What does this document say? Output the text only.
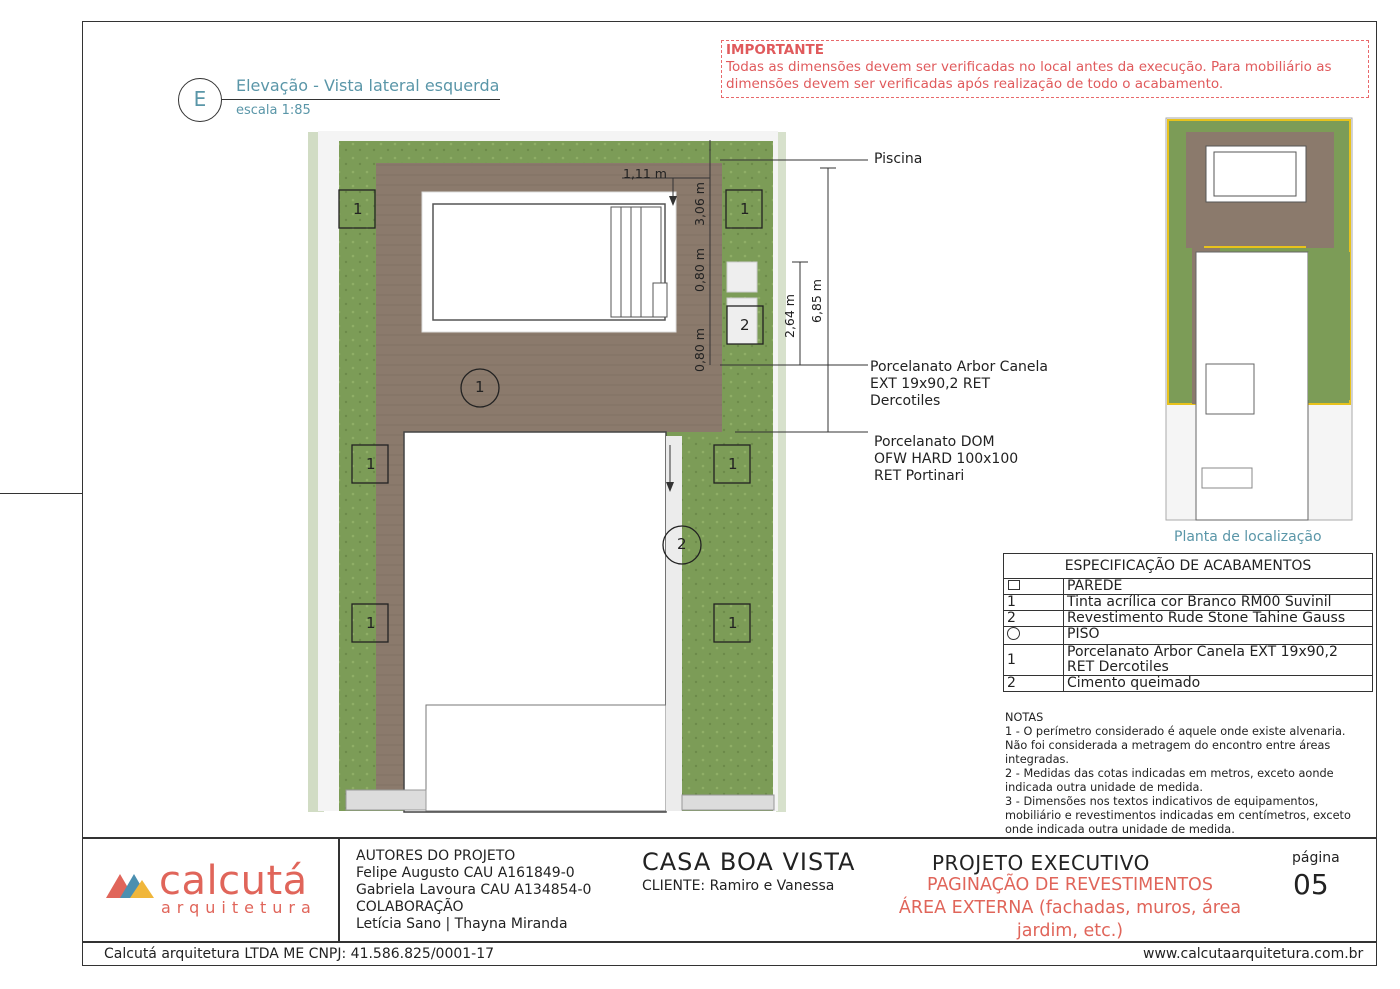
IMPORTANTE
Todas as dimensões devem ser verificadas no local antes da execução. Para mobiliário as
dimensões devem ser verificadas após realização de todo o acabamento.
E
Elevação - Vista lateral esquerda
escala 1:85
1	1
1	1
1	1
2
1
2
1,11 m
3,06 m
0,80 m
0,80 m
2,64 m 6,85 m
Piscina
Porcelanato Arbor Canela
EXT 19x90,2 RET
Dercotiles
Porcelanato DOM
OFW HARD 100x100
RET Portinari
Planta de localização
ESPECIFICAÇÃO DE ACABAMENTOS	
	PAREDE
1	Tinta acrílica cor Branco RM00 Suvinil
2	Revestimento Rude Stone Tahine Gauss
	PISO
1	Porcelanato Arbor Canela EXT 19x90,2 RET Dercotiles
2	Cimento queimado
NOTAS
1 - O perímetro considerado é aquele onde existe alvenaria.
Não foi considerada a metragem do encontro entre áreas
integradas.
2 - Medidas das cotas indicadas em metros, exceto aonde
indicada outra unidade de medida.
3 - Dimensões nos textos indicativos de equipamentos,
mobiliário e revestimentos indicadas em centímetros, exceto
onde indicada outra unidade de medida.
calcutá
arquitetura
AUTORES DO PROJETO
Felipe Augusto CAU A161849-0
Gabriela Lavoura CAU A134854-0
COLABORAÇÃO
Letícia Sano | Thayna Miranda
CASA BOA VISTA
CLIENTE: Ramiro e Vanessa
PROJETO EXECUTIVO
PAGINAÇÃO DE REVESTIMENTOS
ÁREA EXTERNA (fachadas, muros, área
jardim, etc.)
página
05
Calcutá arquitetura LTDA ME CNPJ: 41.586.825/0001-17	www.calcutaarquitetura.com.br
